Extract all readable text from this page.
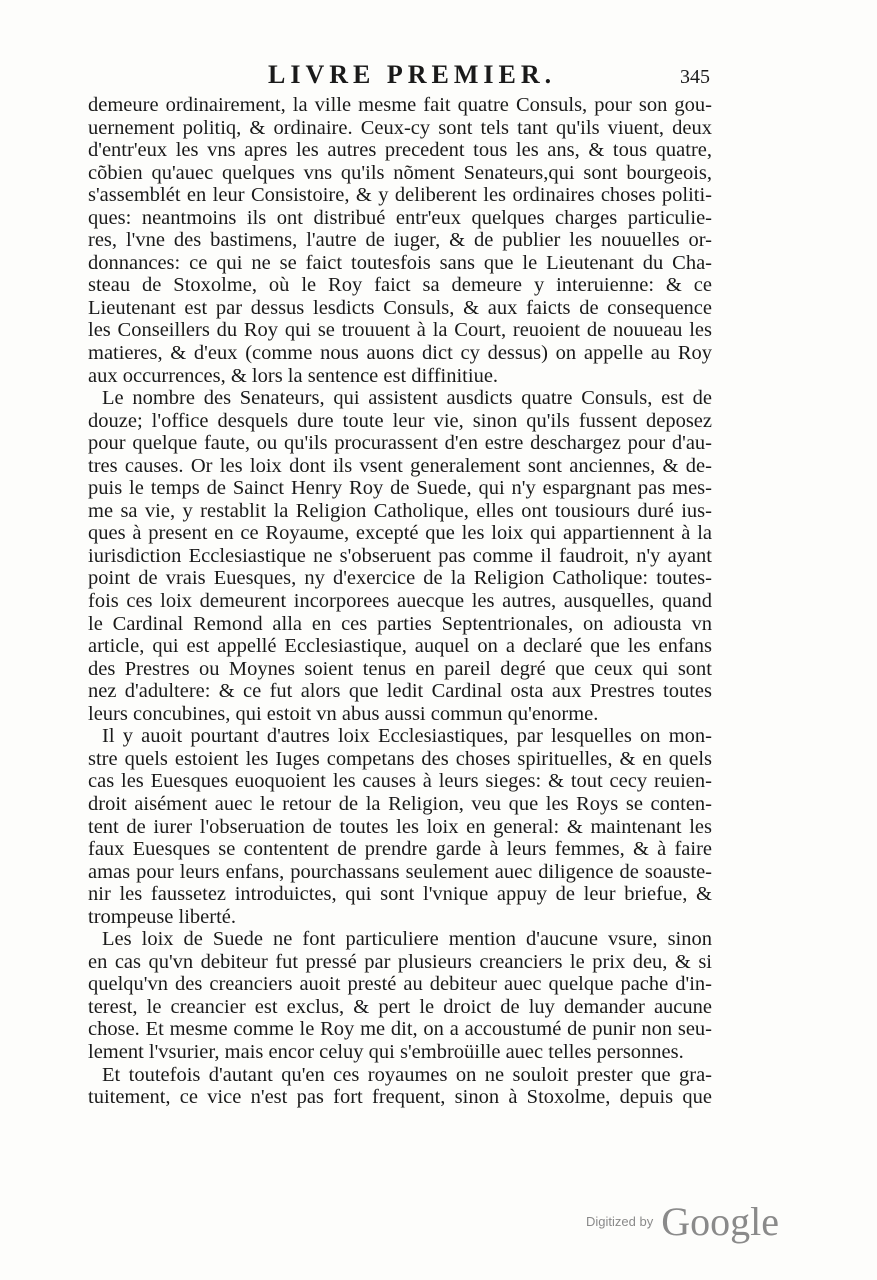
LIVRE PREMIER.	345
demeure ordinairement, la ville mesme fait quatre Consuls, pour son gou-
uernement politiq, & ordinaire. Ceux-cy sont tels tant qu'ils viuent, deux
d'entr'eux les vns apres les autres precedent tous les ans, & tous quatre,
cõbien qu'auec quelques vns qu'ils nõment Senateurs,qui sont bourgeois,
s'assemblét en leur Consistoire, & y deliberent les ordinaires choses politi-
ques: neantmoins ils ont distribué entr'eux quelques charges particulie-
res, l'vne des bastimens, l'autre de iuger, & de publier les nouuelles or-
donnances: ce qui ne se faict toutesfois sans que le Lieutenant du Cha-
steau de Stoxolme, où le Roy faict sa demeure y interuienne: & ce
Lieutenant est par dessus lesdicts Consuls, & aux faicts de consequence
les Conseillers du Roy qui se trouuent à la Court, reuoient de nouueau les
matieres, & d'eux (comme nous auons dict cy dessus) on appelle au Roy
aux occurrences, & lors la sentence est diffinitiue.
Le nombre des Senateurs, qui assistent ausdicts quatre Consuls, est de
douze; l'office desquels dure toute leur vie, sinon qu'ils fussent deposez
pour quelque faute, ou qu'ils procurassent d'en estre deschargez pour d'au-
tres causes. Or les loix dont ils vsent generalement sont anciennes, & de-
puis le temps de Sainct Henry Roy de Suede, qui n'y espargnant pas mes-
me sa vie, y restablit la Religion Catholique, elles ont tousiours duré ius-
ques à present en ce Royaume, excepté que les loix qui appartiennent à la
iurisdiction Ecclesiastique ne s'obseruent pas comme il faudroit, n'y ayant
point de vrais Euesques, ny d'exercice de la Religion Catholique: toutes-
fois ces loix demeurent incorporees auecque les autres, ausquelles, quand
le Cardinal Remond alla en ces parties Septentrionales, on adiousta vn
article, qui est appellé Ecclesiastique, auquel on a declaré que les enfans
des Prestres ou Moynes soient tenus en pareil degré que ceux qui sont
nez d'adultere: & ce fut alors que ledit Cardinal osta aux Prestres toutes
leurs concubines, qui estoit vn abus aussi commun qu'enorme.
Il y auoit pourtant d'autres loix Ecclesiastiques, par lesquelles on mon-
stre quels estoient les Iuges competans des choses spirituelles, & en quels
cas les Euesques euoquoient les causes à leurs sieges: & tout cecy reuien-
droit aisément auec le retour de la Religion, veu que les Roys se conten-
tent de iurer l'obseruation de toutes les loix en general: & maintenant les
faux Euesques se contentent de prendre garde à leurs femmes, & à faire
amas pour leurs enfans, pourchassans seulement auec diligence de soauste-
nir les faussetez introduictes, qui sont l'vnique appuy de leur briefue, &
trompeuse liberté.
Les loix de Suede ne font particuliere mention d'aucune vsure, sinon
en cas qu'vn debiteur fut pressé par plusieurs creanciers le prix deu, & si
quelqu'vn des creanciers auoit presté au debiteur auec quelque pache d'in-
terest, le creancier est exclus, & pert le droict de luy demander aucune
chose. Et mesme comme le Roy me dit, on a accoustumé de punir non seu-
lement l'vsurier, mais encor celuy qui s'embroüille auec telles personnes.
Et toutefois d'autant qu'en ces royaumes on ne souloit prester que gra-
tuitement, ce vice n'est pas fort frequent, sinon à Stoxolme, depuis que
Digitized by Google
